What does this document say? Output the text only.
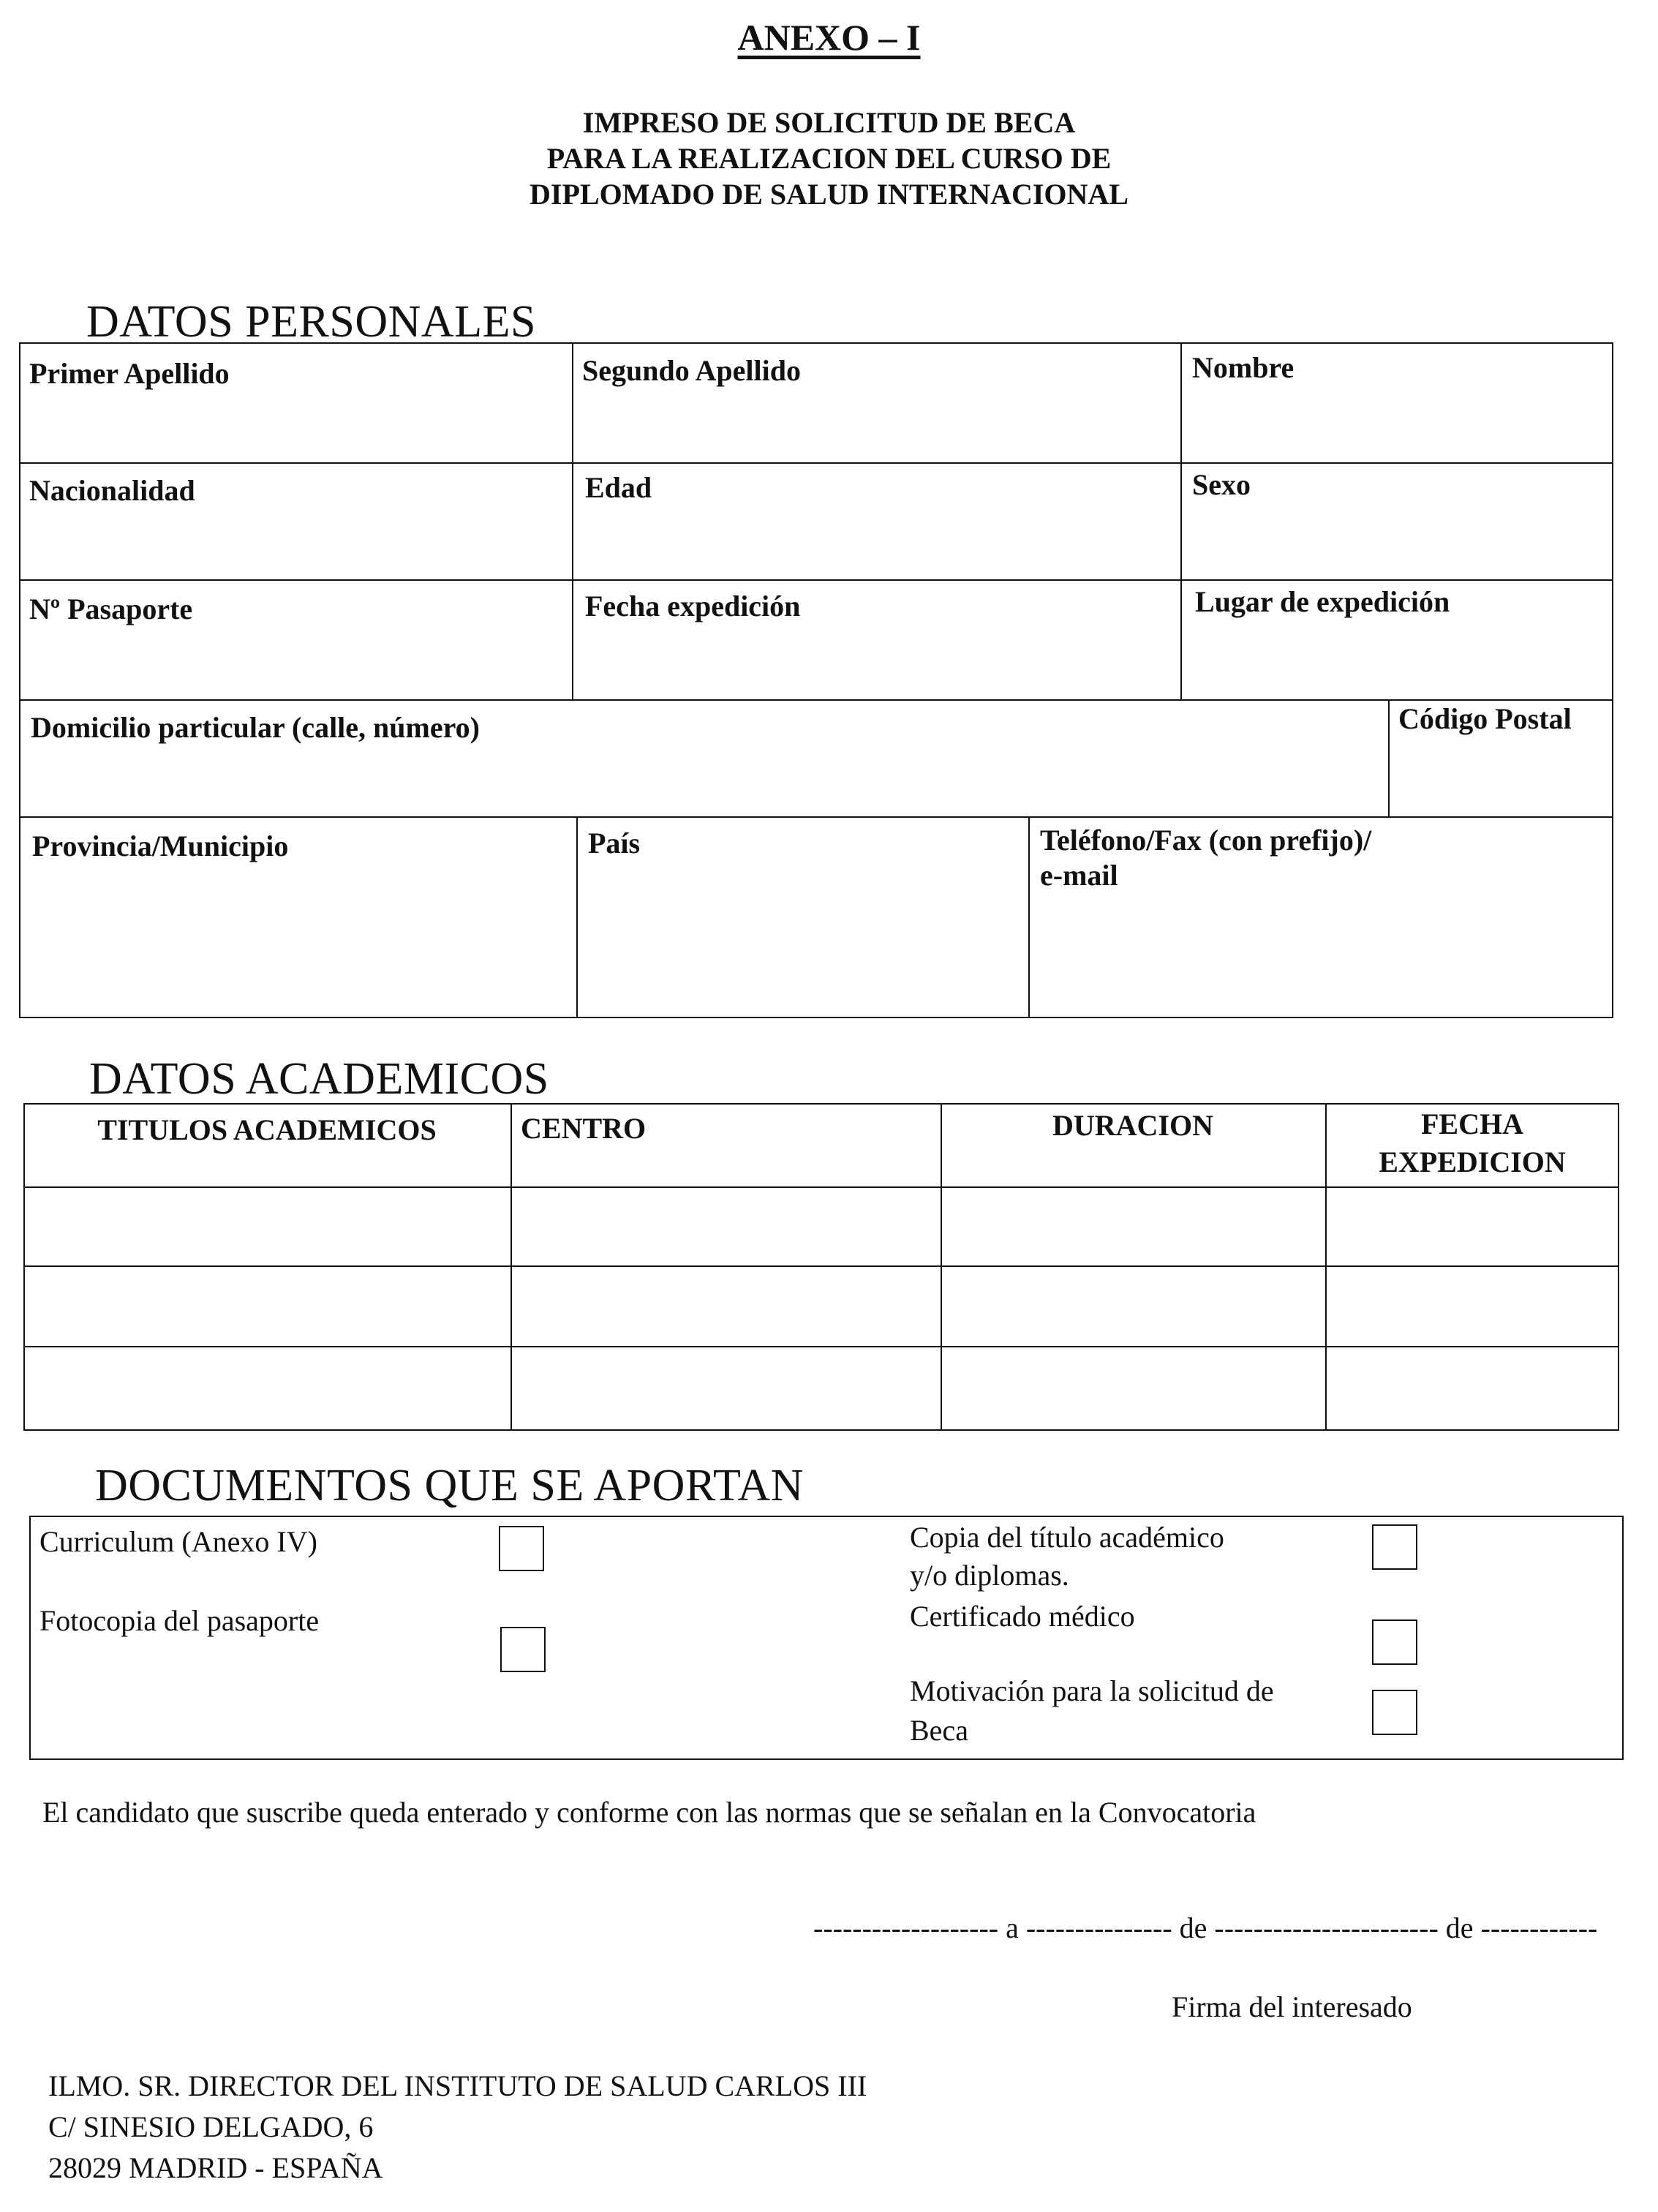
ANEXO – I
IMPRESO DE SOLICITUD DE BECA
PARA LA REALIZACION DEL CURSO DE
DIPLOMADO DE SALUD INTERNACIONAL
DATOS PERSONALES
Primer Apellido	Segundo Apellido	Nombre
Nacionalidad	Edad	Sexo
Nº Pasaporte	Fecha expedición	Lugar de expedición
Domicilio particular (calle, número)	Código Postal
Provincia/Municipio	País	Teléfono/Fax (con prefijo)/
e-mail
DATOS ACADEMICOS
TITULOS ACADEMICOS	CENTRO	DURACION	FECHA
EXPEDICION
DOCUMENTOS QUE SE APORTAN
Curriculum (Anexo IV)
Fotocopia del pasaporte
Copia del título académico
y/o diplomas.
Certificado médico
Motivación para la solicitud de
Beca
El candidato que suscribe queda enterado y conforme con las normas que se señalan en la Convocatoria
------------------- a --------------- de ----------------------- de ------------
Firma del interesado
ILMO. SR. DIRECTOR DEL INSTITUTO DE SALUD CARLOS III
C/ SINESIO DELGADO, 6
28029 MADRID - ESPAÑA
